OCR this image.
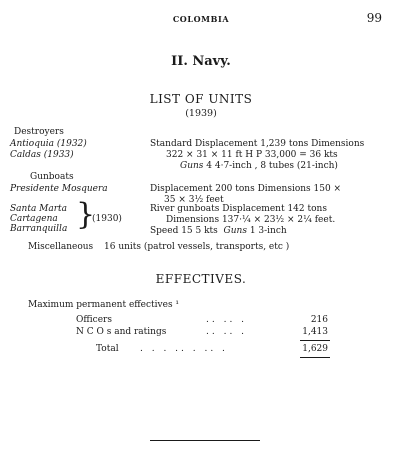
COLOMBIA	99
II. Navy.
LIST OF UNITS
(1939)
Destroyers
Antioquia (1932)
Caldas (1933)
Standard Displacement 1,239 tons Dimensions
322 × 31 × 11 ft H P 33,000 = 36 kts
Guns 4 4·7-inch , 8 tubes (21-inch)
Gunboats
Presidente Mosquera	Displacement 200 tons Dimensions 150 ×
35 × 3½ feet
Santa Marta
Cartagena
Barranquilla }
(1930)
River gunboats Displacement 142 tons
Dimensions 137·¼ × 23½ × 2¼ feet.
Speed 15 5 kts Guns 1 3-inch
Miscellaneous 16 units (patrol vessels, transports, etc )
EFFECTIVES.
Maximum permanent effectives ¹
Officers	.. .. .	216
N C O s and ratings	.. .. .	1,413
Total . . . .. . .. .	1,629
